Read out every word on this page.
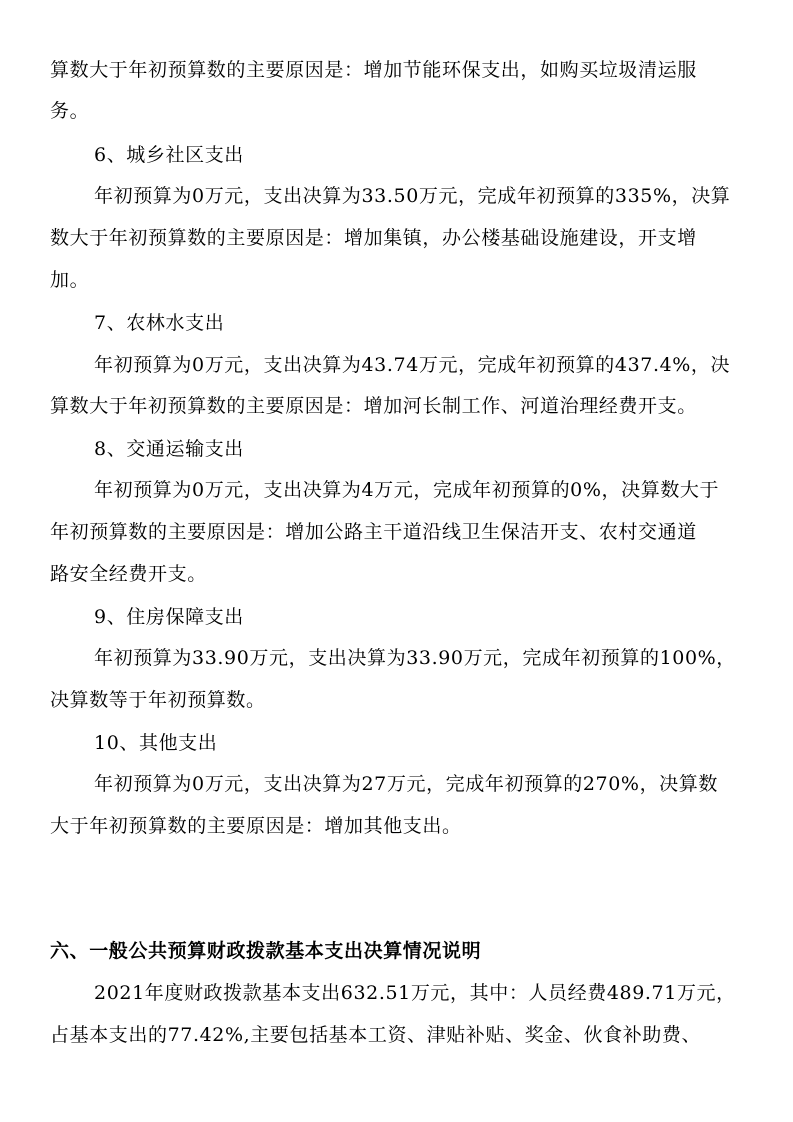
算数大于年初预算数的主要原因是：增加节能环保支出，如购买垃圾清运服
务。
6、城乡社区支出
年初预算为0万元，支出决算为33.50万元，完成年初预算的335%，决算
数大于年初预算数的主要原因是：增加集镇，办公楼基础设施建设，开支增
加。
7、农林水支出
年初预算为0万元，支出决算为43.74万元，完成年初预算的437.4%，决
算数大于年初预算数的主要原因是：增加河长制工作、河道治理经费开支。
8、交通运输支出
年初预算为0万元，支出决算为4万元，完成年初预算的0%，决算数大于
年初预算数的主要原因是：增加公路主干道沿线卫生保洁开支、农村交通道
路安全经费开支。
9、住房保障支出
年初预算为33.90万元，支出决算为33.90万元，完成年初预算的100%，
决算数等于年初预算数。
10、其他支出
年初预算为0万元，支出决算为27万元，完成年初预算的270%，决算数
大于年初预算数的主要原因是：增加其他支出。
六、一般公共预算财政拨款基本支出决算情况说明
2021年度财政拨款基本支出632.51万元，其中：人员经费489.71万元，
占基本支出的77.42%,主要包括基本工资、津贴补贴、奖金、伙食补助费、
